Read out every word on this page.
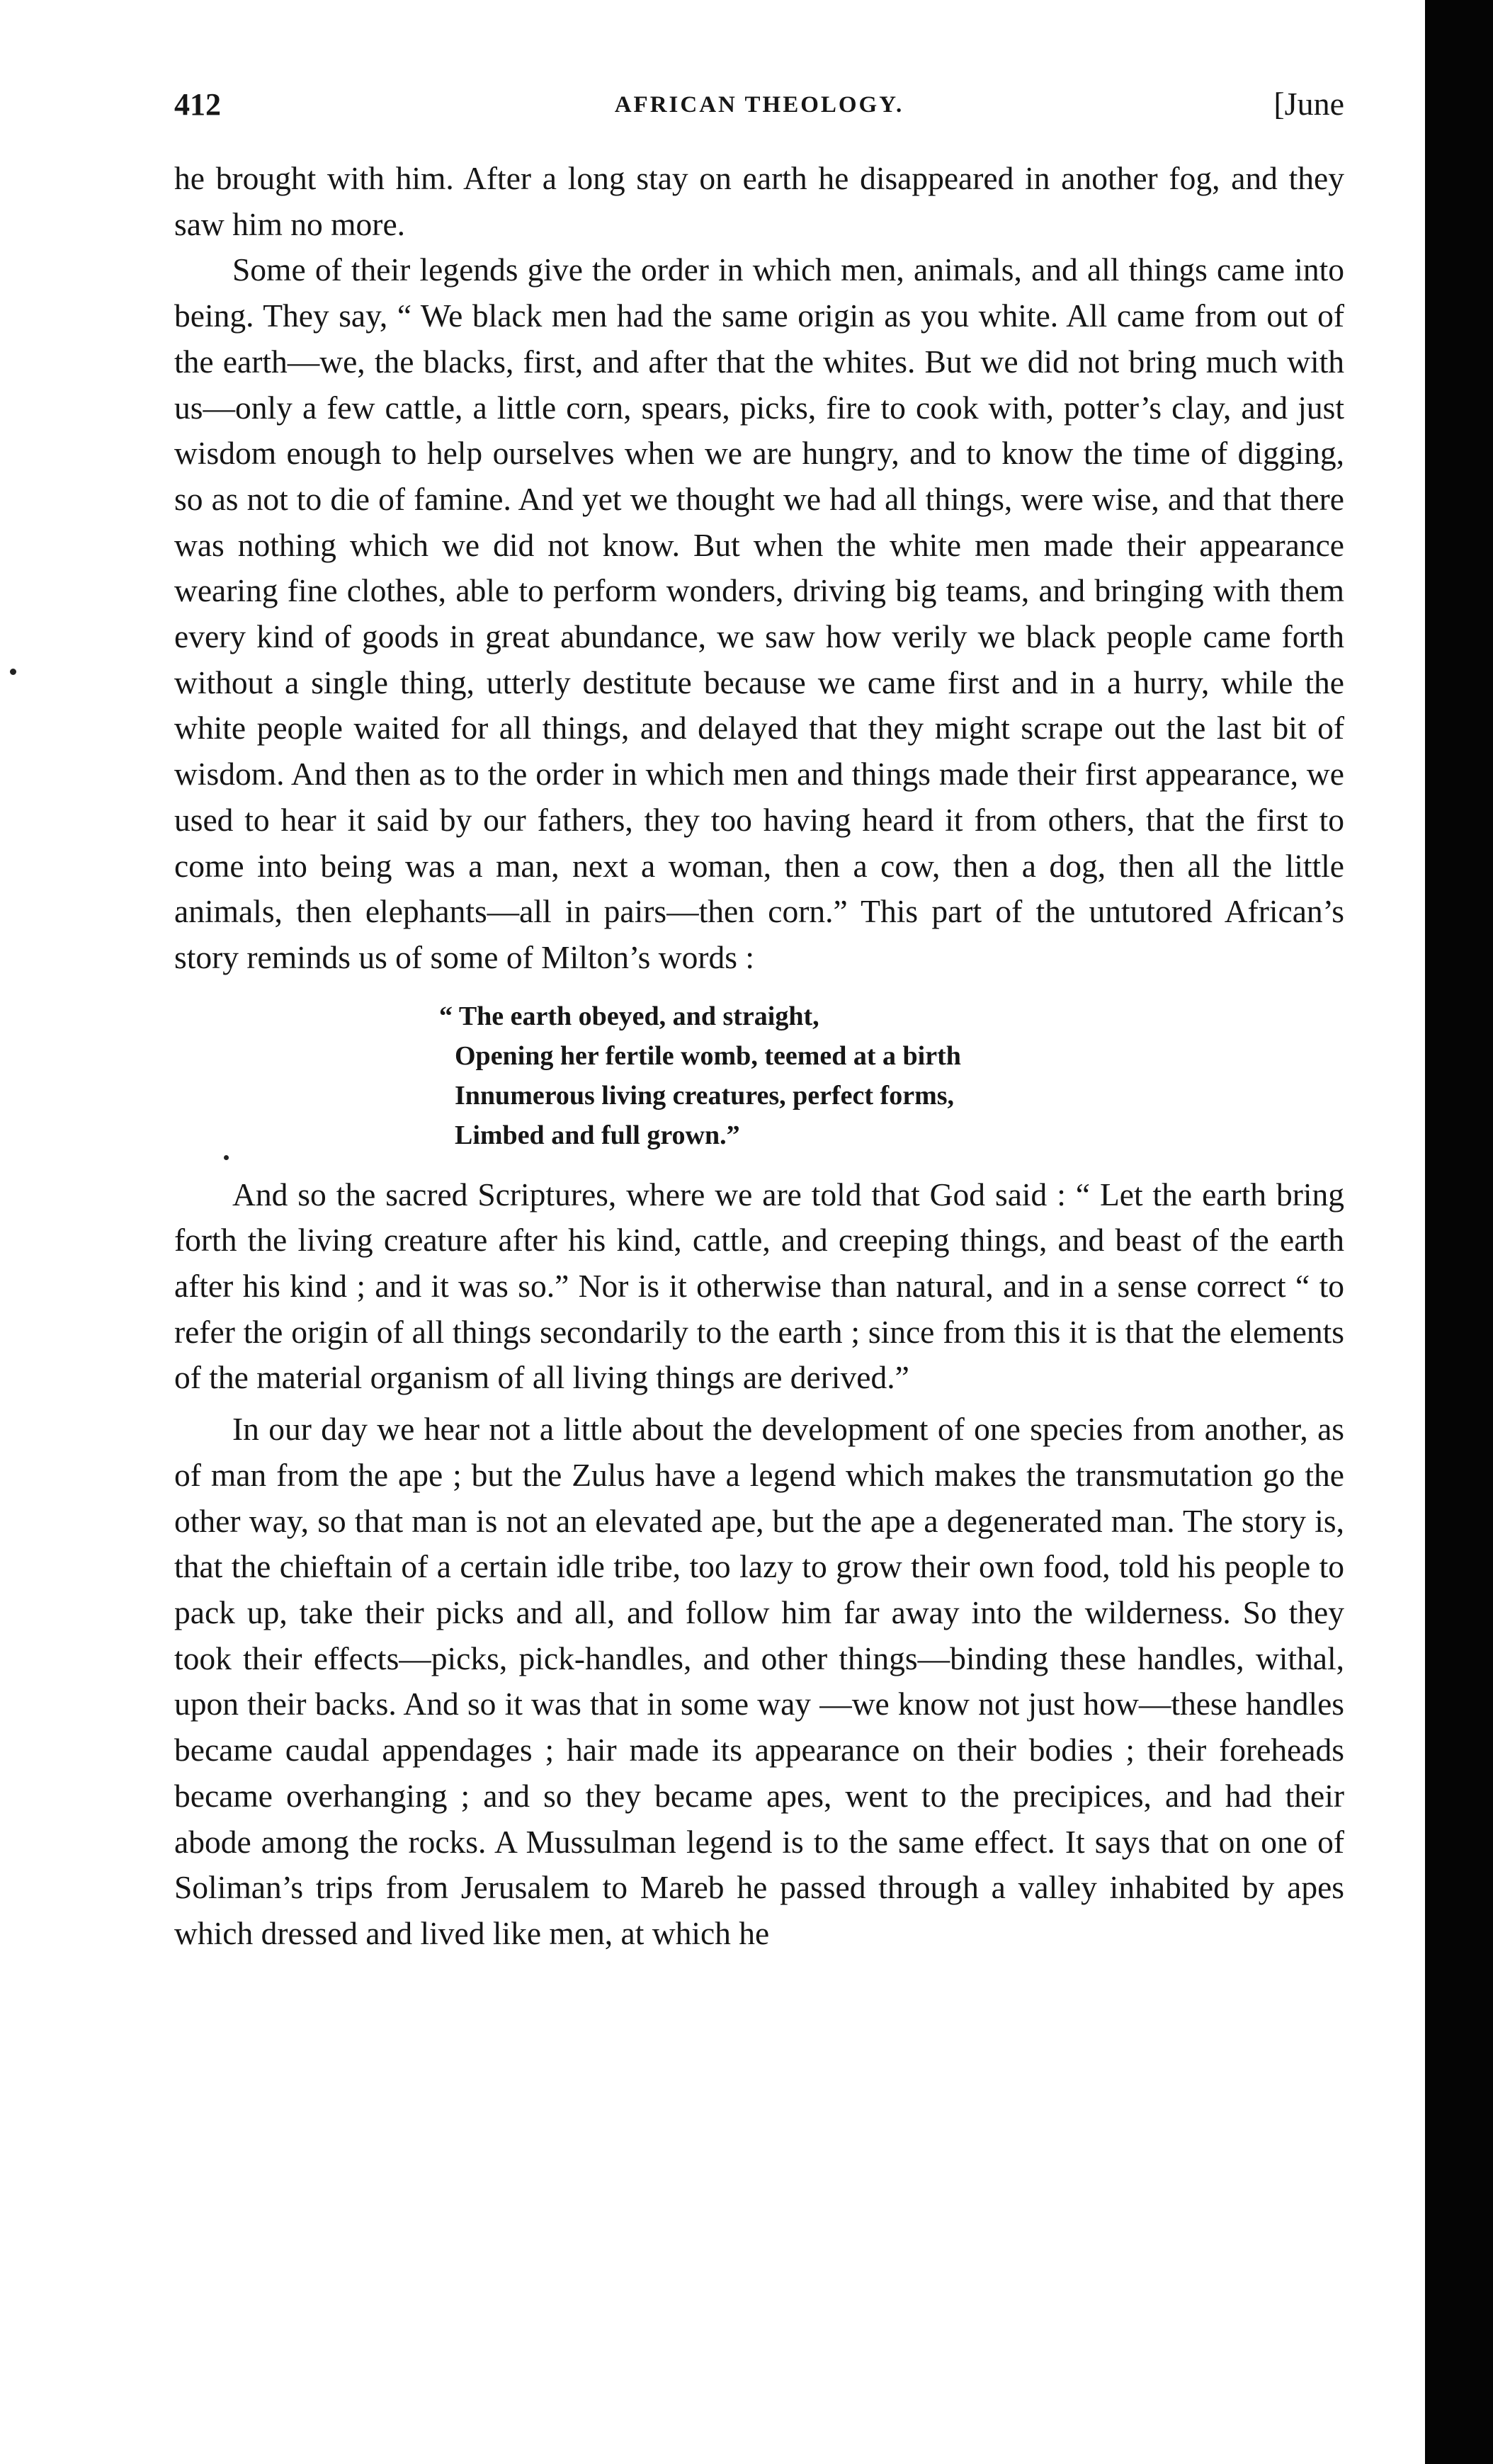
412	AFRICAN THEOLOGY.	[June

he brought with him. After a long stay on earth he disappeared in another fog, and they saw him no more.

Some of their legends give the order in which men, animals, and all things came into being. They say, “ We black men had the same origin as you white. All came from out of the earth—we, the blacks, first, and after that the whites. But we did not bring much with us—only a few cattle, a little corn, spears, picks, fire to cook with, potter’s clay, and just wisdom enough to help ourselves when we are hungry, and to know the time of digging, so as not to die of famine. And yet we thought we had all things, were wise, and that there was nothing which we did not know. But when the white men made their appearance wearing fine clothes, able to perform wonders, driving big teams, and bringing with them every kind of goods in great abundance, we saw how verily we black people came forth without a single thing, utterly destitute because we came first and in a hurry, while the white people waited for all things, and delayed that they might scrape out the last bit of wisdom. And then as to the order in which men and things made their first appearance, we used to hear it said by our fathers, they too having heard it from others, that the first to come into being was a man, next a woman, then a cow, then a dog, then all the little animals, then elephants—all in pairs—then corn.” This part of the untutored African’s story reminds us of some of Milton’s words :

“ The earth obeyed, and straight,
Opening her fertile womb, teemed at a birth
Innumerous living creatures, perfect forms,
Limbed and full grown.”

And so the sacred Scriptures, where we are told that God said : “ Let the earth bring forth the living creature after his kind, cattle, and creeping things, and beast of the earth after his kind ; and it was so.” Nor is it otherwise than natural, and in a sense correct “ to refer the origin of all things secondarily to the earth ; since from this it is that the elements of the material organism of all living things are derived.”

In our day we hear not a little about the development of one species from another, as of man from the ape ; but the Zulus have a legend which makes the transmutation go the other way, so that man is not an elevated ape, but the ape a degenerated man. The story is, that the chieftain of a certain idle tribe, too lazy to grow their own food, told his people to pack up, take their picks and all, and follow him far away into the wilderness. So they took their effects—picks, pick-handles, and other things—binding these handles, withal, upon their backs. And so it was that in some way —we know not just how—these handles became caudal appendages ; hair made its appearance on their bodies ; their foreheads became overhanging ; and so they became apes, went to the precipices, and had their abode among the rocks. A Mussulman legend is to the same effect. It says that on one of Soliman’s trips from Jerusalem to Mareb he passed through a valley inhabited by apes which dressed and lived like men, at which he
